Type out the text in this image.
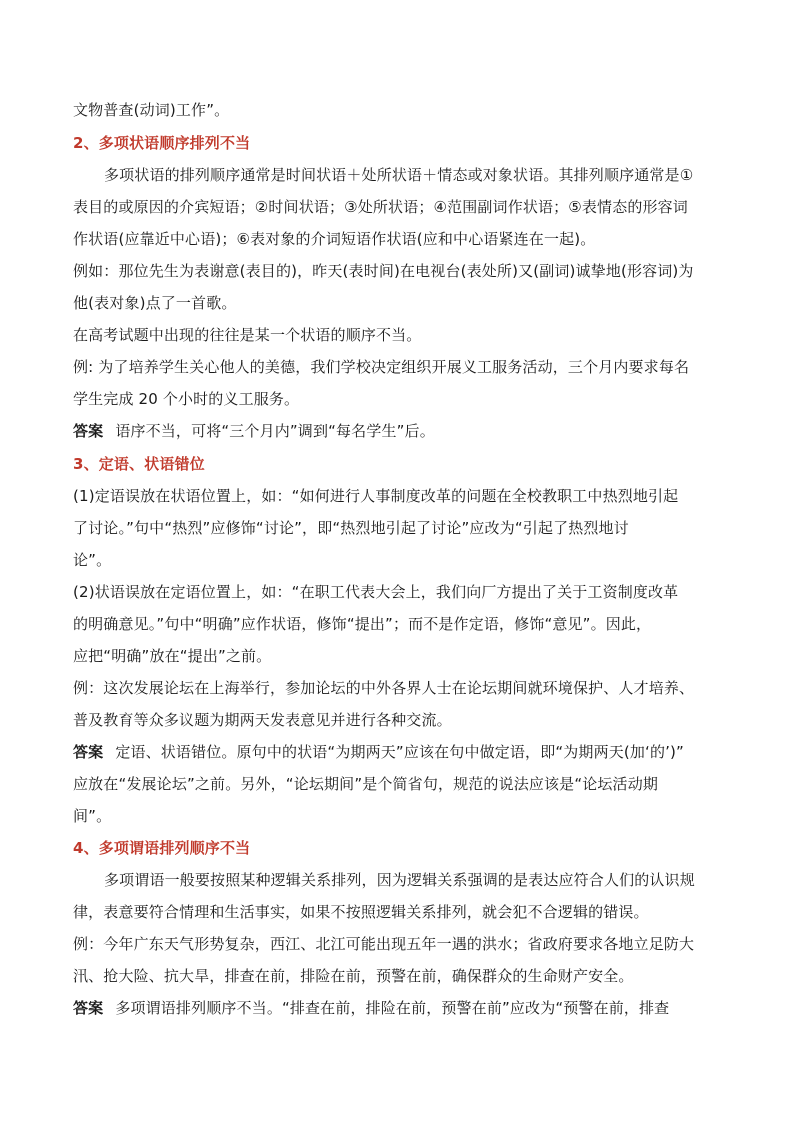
文物普查(动词)工作”。
2、多项状语顺序排列不当
多项状语的排列顺序通常是时间状语＋处所状语＋情态或对象状语。其排列顺序通常是①
表目的或原因的介宾短语；②时间状语；③处所状语；④范围副词作状语；⑤表情态的形容词
作状语(应靠近中心语)；⑥表对象的介词短语作状语(应和中心语紧连在一起)。
例如：那位先生为表谢意(表目的)，昨天(表时间)在电视台(表处所)又(副词)诚挚地(形容词)为
他(表对象)点了一首歌。
在高考试题中出现的往往是某一个状语的顺序不当。
例: 为了培养学生关心他人的美德，我们学校决定组织开展义工服务活动，三个月内要求每名
学生完成 20 个小时的义工服务。
答案 语序不当，可将“三个月内”调到“每名学生”后。
3、定语、状语错位
(1)定语误放在状语位置上，如：“如何进行人事制度改革的问题在全校教职工中热烈地引起
了讨论。”句中“热烈”应修饰“讨论”，即“热烈地引起了讨论”应改为“引起了热烈地讨
论”。
(2)状语误放在定语位置上，如：“在职工代表大会上，我们向厂方提出了关于工资制度改革
的明确意见。”句中“明确”应作状语，修饰“提出”；而不是作定语，修饰“意见”。因此，
应把“明确”放在“提出”之前。
例：这次发展论坛在上海举行，参加论坛的中外各界人士在论坛期间就环境保护、人才培养、
普及教育等众多议题为期两天发表意见并进行各种交流。
答案 定语、状语错位。原句中的状语“为期两天”应该在句中做定语，即“为期两天(加‘的’)”
应放在“发展论坛”之前。另外，“论坛期间”是个简省句，规范的说法应该是“论坛活动期
间”。
4、多项谓语排列顺序不当
多项谓语一般要按照某种逻辑关系排列，因为逻辑关系强调的是表达应符合人们的认识规
律，表意要符合情理和生活事实，如果不按照逻辑关系排列，就会犯不合逻辑的错误。
例：今年广东天气形势复杂，西江、北江可能出现五年一遇的洪水；省政府要求各地立足防大
汛、抢大险、抗大旱，排查在前，排险在前，预警在前，确保群众的生命财产安全。
答案 多项谓语排列顺序不当。“排查在前，排险在前，预警在前”应改为“预警在前，排查
